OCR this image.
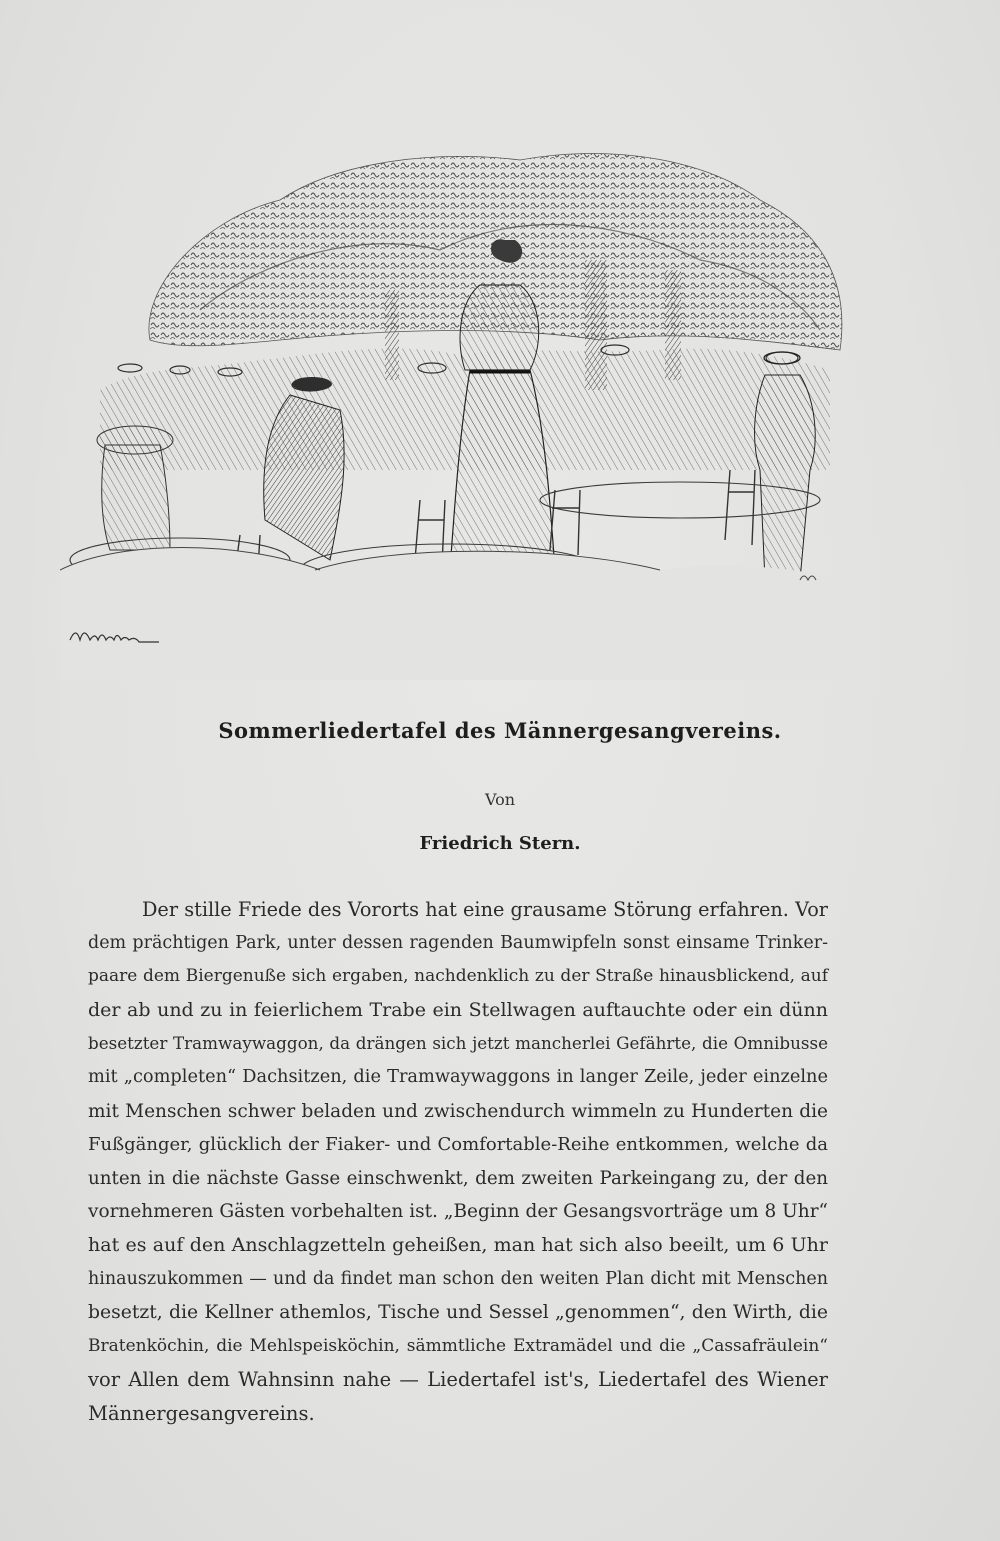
Sommerliedertafel des Männergesangvereins.
Von
Friedrich Stern.
Der stille Friede des Vororts hat eine grausame Störung erfahren. Vor
dem prächtigen Park, unter dessen ragenden Baumwipfeln sonst einsame Trinker-
paare dem Biergenuße sich ergaben, nachdenklich zu der Straße hinausblickend, auf
der ab und zu in feierlichem Trabe ein Stellwagen auftauchte oder ein dünn
besetzter Tramwaywaggon, da drängen sich jetzt mancherlei Gefährte, die Omnibusse
mit „completen“ Dachsitzen, die Tramwaywaggons in langer Zeile, jeder einzelne
mit Menschen schwer beladen und zwischendurch wimmeln zu Hunderten die
Fußgänger, glücklich der Fiaker- und Comfortable-Reihe entkommen, welche da
unten in die nächste Gasse einschwenkt, dem zweiten Parkeingang zu, der den
vornehmeren Gästen vorbehalten ist. „Beginn der Gesangsvorträge um 8 Uhr“
hat es auf den Anschlagzetteln geheißen, man hat sich also beeilt, um 6 Uhr
hinauszukommen — und da findet man schon den weiten Plan dicht mit Menschen
besetzt, die Kellner athemlos, Tische und Sessel „genommen“, den Wirth, die
Bratenköchin, die Mehlspeisköchin, sämmtliche Extramädel und die „Cassafräulein“
vor Allen dem Wahnsinn nahe — Liedertafel ist's, Liedertafel des Wiener
Männergesangvereins.
